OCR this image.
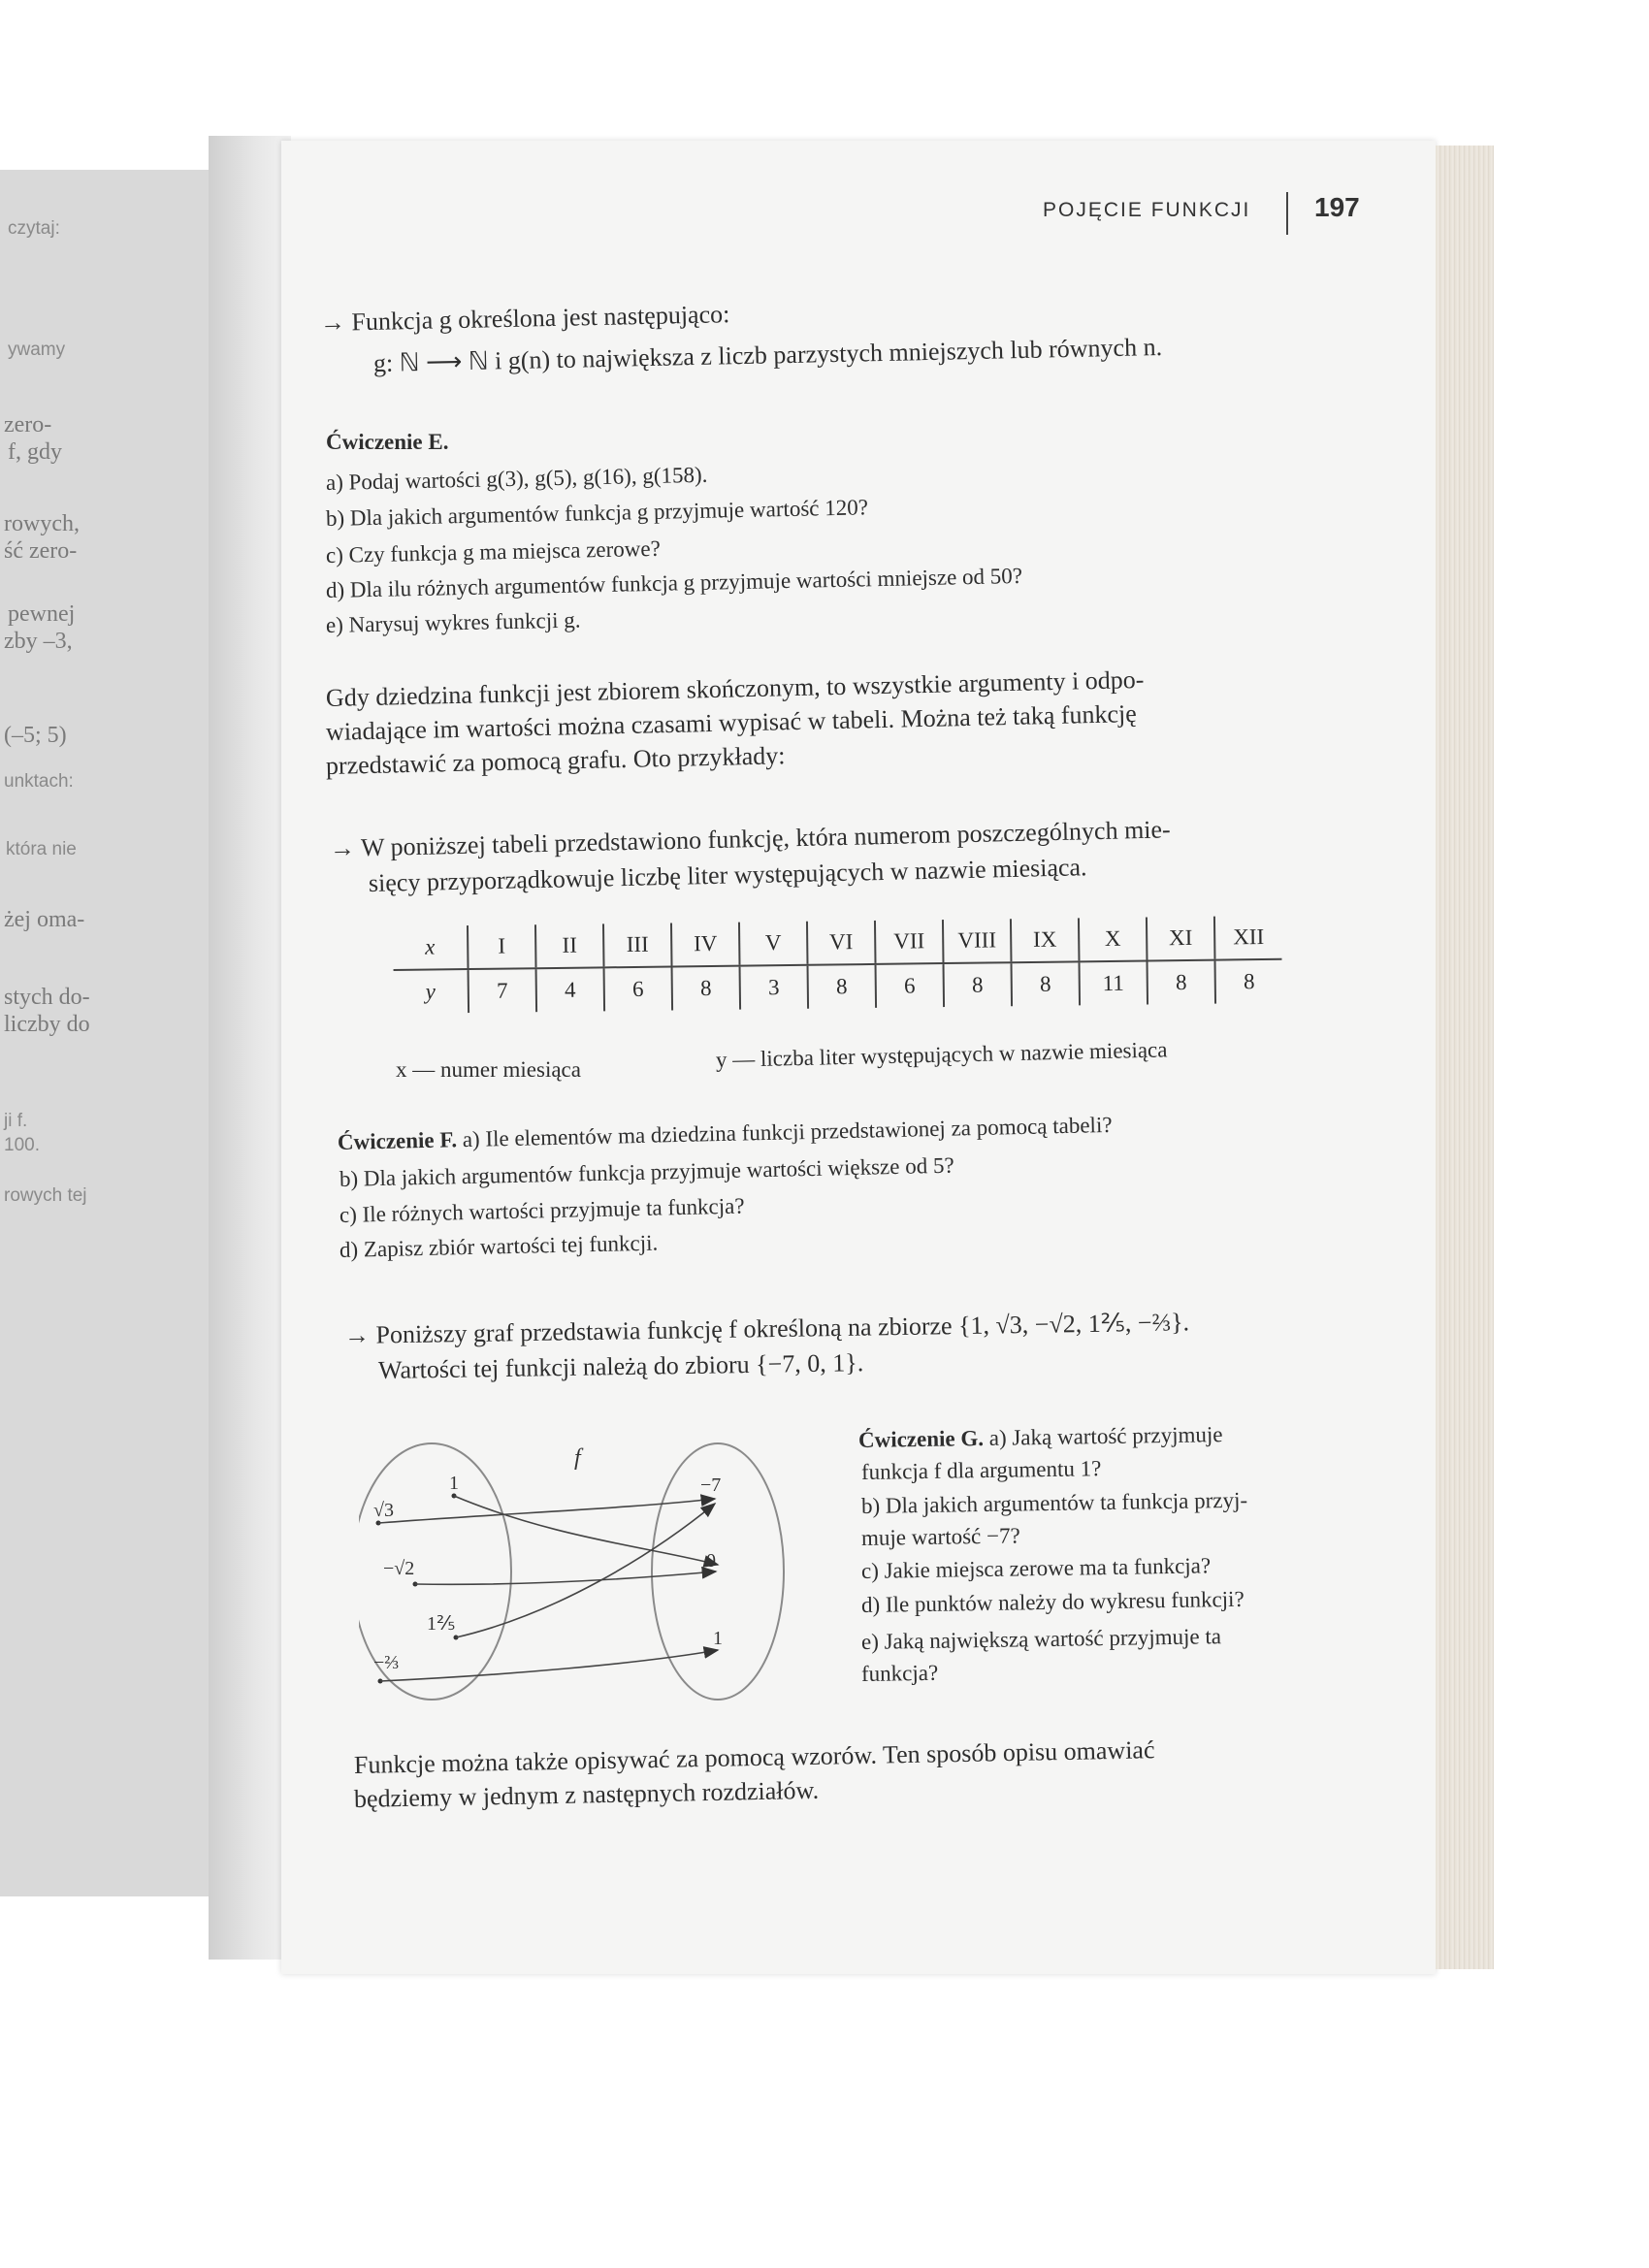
czytaj:
ywamy
zero-
f, gdy
rowych,
ść zero-
pewnej
zby –3,
(–5; 5)
unktach:
która nie
żej oma-
stych do-
liczby do
ji f.
100.
rowych tej
POJĘCIE FUNKCJI 197
→ Funkcja g określona jest następująco:
g: ℕ ⟶ ℕ i g(n) to największa z liczb parzystych mniejszych lub równych n.
Ćwiczenie E.
a) Podaj wartości g(3), g(5), g(16), g(158).
b) Dla jakich argumentów funkcja g przyjmuje wartość 120?
c) Czy funkcja g ma miejsca zerowe?
d) Dla ilu różnych argumentów funkcja g przyjmuje wartości mniejsze od 50?
e) Narysuj wykres funkcji g.
Gdy dziedzina funkcji jest zbiorem skończonym, to wszystkie argumenty i odpo-
wiadające im wartości można czasami wypisać w tabeli. Można też taką funkcję
przedstawić za pomocą grafu. Oto przykłady:
→ W poniższej tabeli przedstawiono funkcję, która numerom poszczególnych mie-
sięcy przyporządkowuje liczbę liter występujących w nazwie miesiąca.
x	I	II	III	IV	V	VI	VII	VIII	IX	X	XI	XII
y	7	4	6	8	3	8	6	8	8	11	8	8
x — numer miesiąca	y — liczba liter występujących w nazwie miesiąca
Ćwiczenie F. a) Ile elementów ma dziedzina funkcji przedstawionej za pomocą tabeli?
b) Dla jakich argumentów funkcja przyjmuje wartości większe od 5?
c) Ile różnych wartości przyjmuje ta funkcja?
d) Zapisz zbiór wartości tej funkcji.
→ Poniższy graf przedstawia funkcję f określoną na zbiorze {1, √3, −√2, 1⅖, −⅔}.
Wartości tej funkcji należą do zbioru {−7, 0, 1}.
f
1
√3
−√2
1⅖
−⅔
−7
0
1
Ćwiczenie G. a) Jaką wartość przyjmuje
funkcja f dla argumentu 1?
b) Dla jakich argumentów ta funkcja przyj-
muje wartość −7?
c) Jakie miejsca zerowe ma ta funkcja?
d) Ile punktów należy do wykresu funkcji?
e) Jaką największą wartość przyjmuje ta
funkcja?
Funkcje można także opisywać za pomocą wzorów. Ten sposób opisu omawiać
będziemy w jednym z następnych rozdziałów.
